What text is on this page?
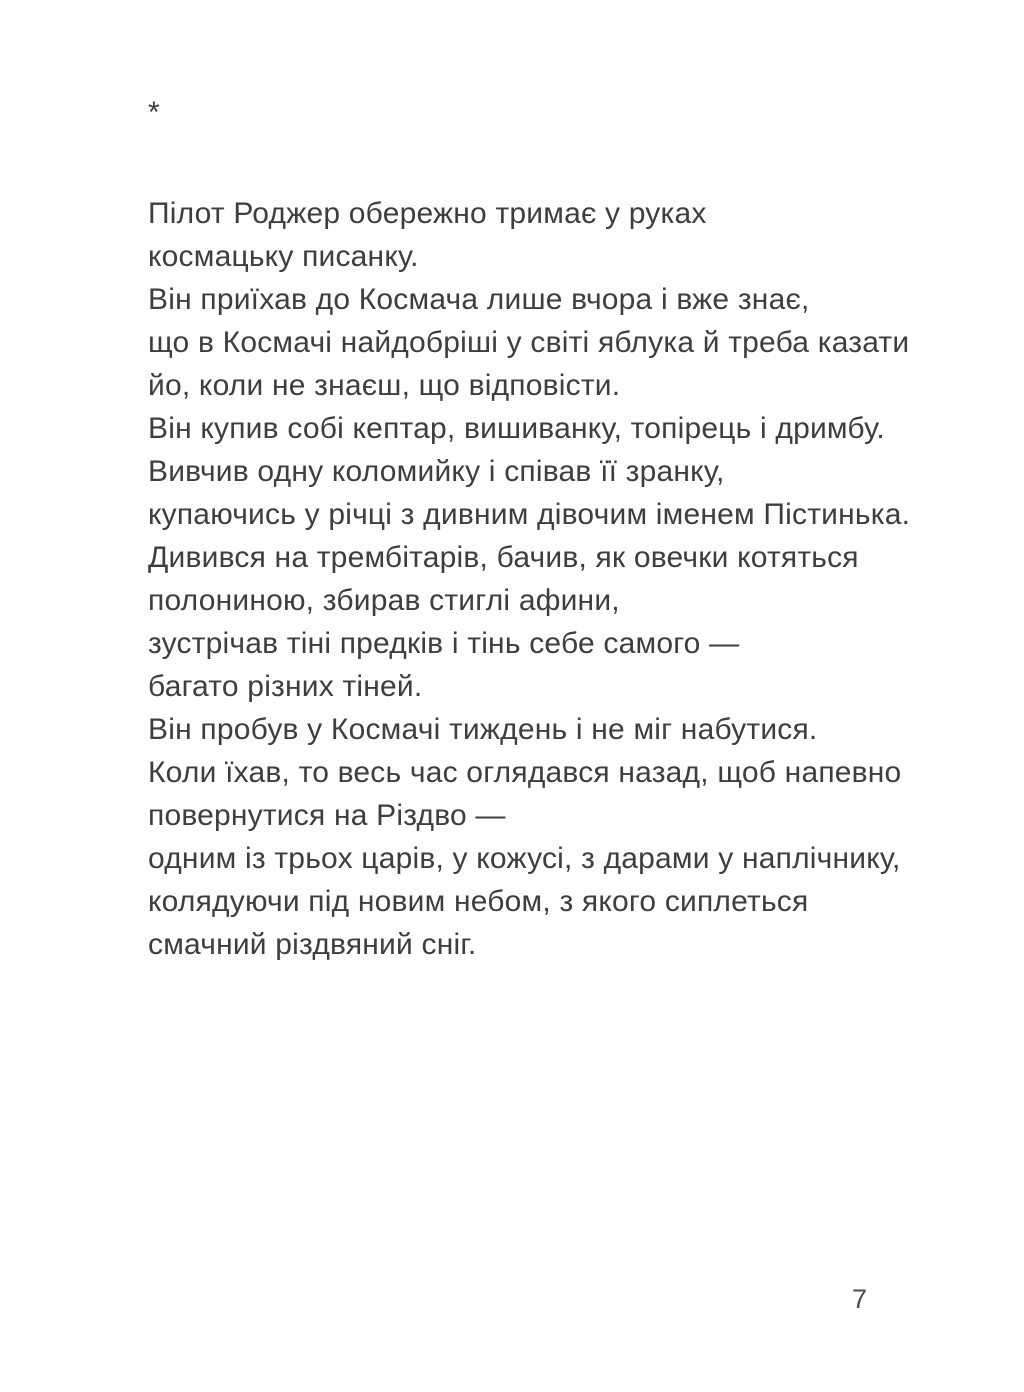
*
Пілот Роджер обережно тримає у руках
космацьку писанку.
Він приїхав до Космача лише вчора і вже знає,
що в Космачі найдобріші у світі яблука й треба казати
йо, коли не знаєш, що відповісти.
Він купив собі кептар, вишиванку, топірець і дримбу.
Вивчив одну коломийку і співав її зранку,
купаючись у річці з дивним дівочим іменем Пістинька.
Дивився на трембітарів, бачив, як овечки котяться
полониною, збирав стиглі афини,
зустрічав тіні предків і тінь себе самого —
багато різних тіней.
Він пробув у Космачі тиждень і не міг набутися.
Коли їхав, то весь час оглядався назад, щоб напевно
повернутися на Різдво —
одним із трьох царів, у кожусі, з дарами у наплічнику,
колядуючи під новим небом, з якого сиплеться
смачний різдвяний сніг.
7
